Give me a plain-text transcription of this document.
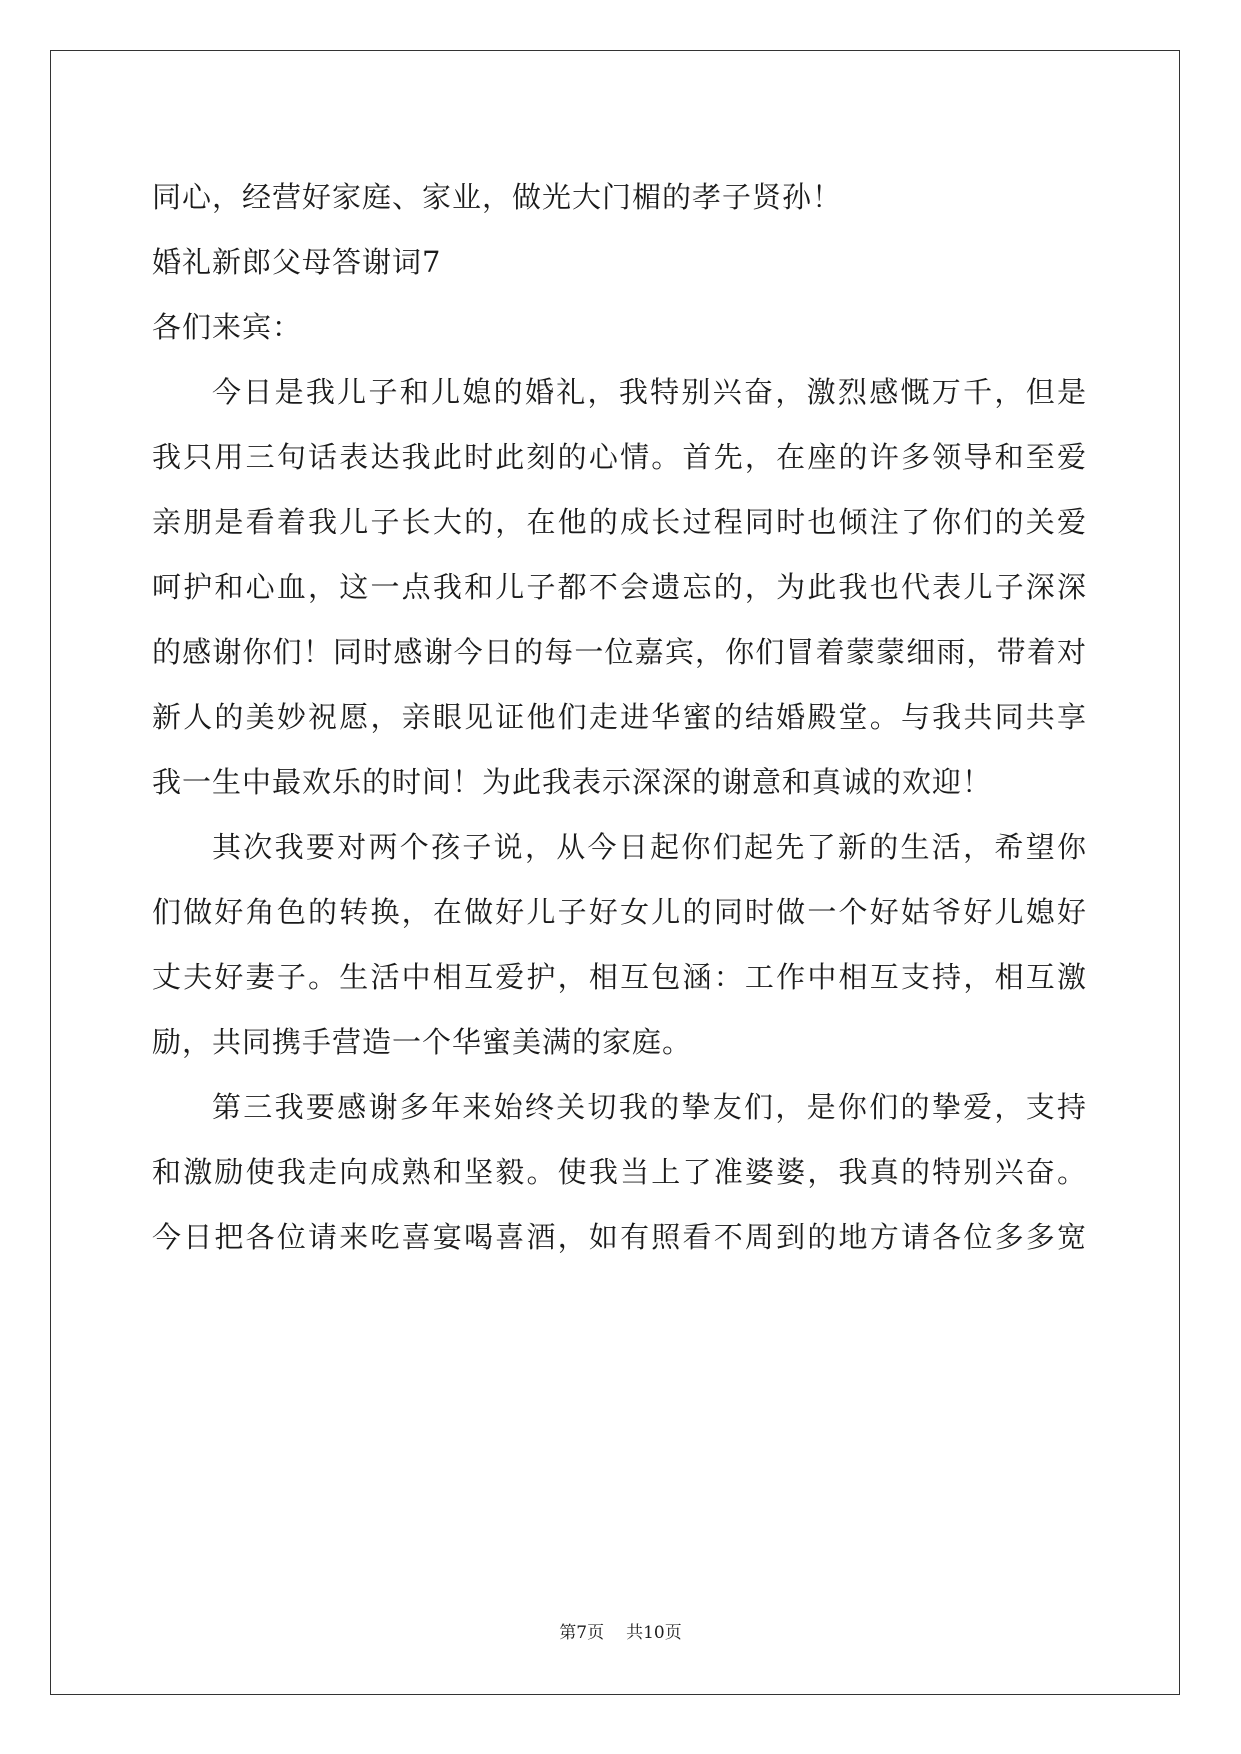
同心，经营好家庭、家业，做光大门楣的孝子贤孙！
婚礼新郎父母答谢词7
各们来宾：
今日是我儿子和儿媳的婚礼，我特别兴奋，激烈感慨万千，但是
我只用三句话表达我此时此刻的心情。首先，在座的许多领导和至爱
亲朋是看着我儿子长大的，在他的成长过程同时也倾注了你们的关爱
呵护和心血，这一点我和儿子都不会遗忘的，为此我也代表儿子深深
的感谢你们！同时感谢今日的每一位嘉宾，你们冒着蒙蒙细雨，带着对
新人的美妙祝愿，亲眼见证他们走进华蜜的结婚殿堂。与我共同共享
我一生中最欢乐的时间！为此我表示深深的谢意和真诚的欢迎！
其次我要对两个孩子说，从今日起你们起先了新的生活，希望你
们做好角色的转换，在做好儿子好女儿的同时做一个好姑爷好儿媳好
丈夫好妻子。生活中相互爱护，相互包涵：工作中相互支持，相互激
励，共同携手营造一个华蜜美满的家庭。
第三我要感谢多年来始终关切我的挚友们，是你们的挚爱，支持
和激励使我走向成熟和坚毅。使我当上了准婆婆，我真的特别兴奋。
今日把各位请来吃喜宴喝喜酒，如有照看不周到的地方请各位多多宽
第7页 共10页
